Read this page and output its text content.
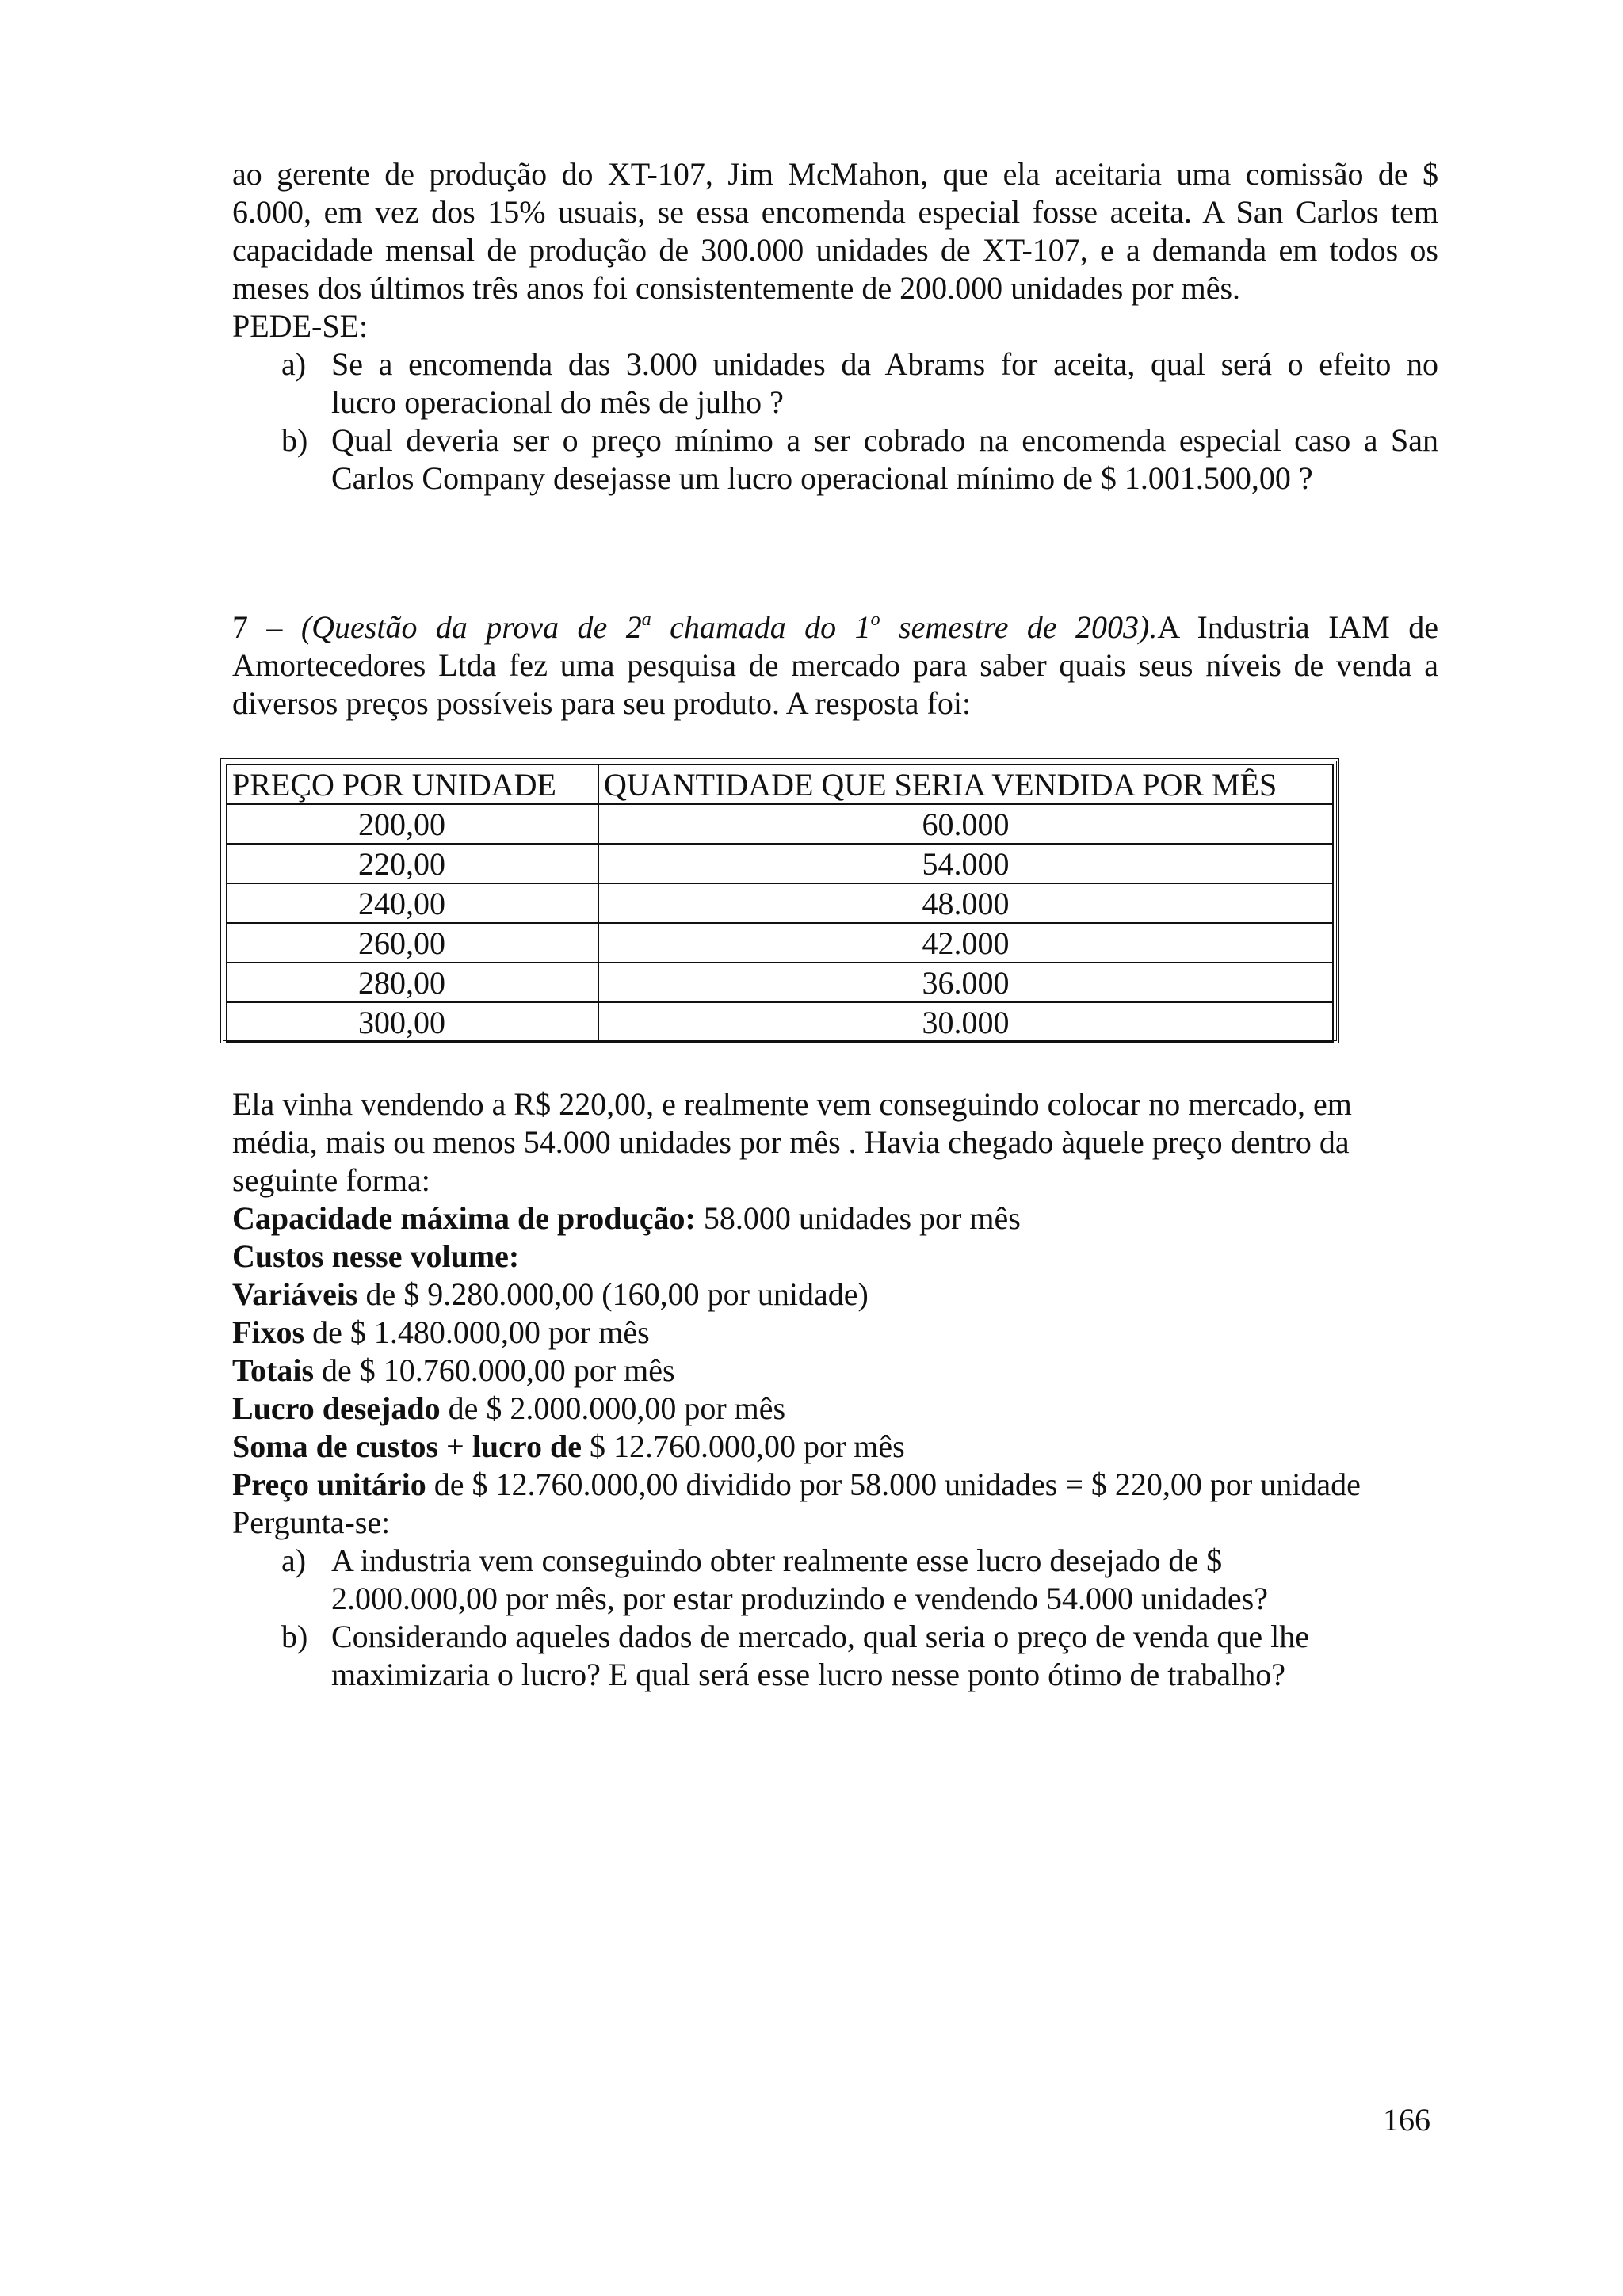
ao gerente de produção do XT-107, Jim McMahon, que ela aceitaria uma comissão de $
6.000, em vez dos 15% usuais, se essa encomenda especial fosse aceita. A San Carlos tem
capacidade mensal de produção de 300.000 unidades de XT-107, e a demanda em todos os
meses dos últimos três anos foi consistentemente de 200.000 unidades por mês.
PEDE-SE:
a) Se a encomenda das 3.000 unidades da Abrams for aceita, qual será o efeito no
lucro operacional do mês de julho ?
b) Qual deveria ser o preço mínimo a ser cobrado na encomenda especial caso a San
Carlos Company desejasse um lucro operacional mínimo de $ 1.001.500,00 ?
7 – (Questão da prova de 2$^a$ chamada do 1$^o$ semestre de 2003).A Industria IAM de
Amortecedores Ltda fez uma pesquisa de mercado para saber quais seus níveis de venda a
diversos preços possíveis para seu produto. A resposta foi:
PREÇO POR UNIDADE	QUANTIDADE QUE SERIA VENDIDA POR MÊS
200,00	60.000
220,00	54.000
240,00	48.000
260,00	42.000
280,00	36.000
300,00	30.000
Ela vinha vendendo a R$ 220,00, e realmente vem conseguindo colocar no mercado, em
média, mais ou menos 54.000 unidades por mês . Havia chegado àquele preço dentro da
seguinte forma:
Capacidade máxima de produção: 58.000 unidades por mês
Custos nesse volume:
Variáveis de $ 9.280.000,00 (160,00 por unidade)
Fixos de $ 1.480.000,00 por mês
Totais de $ 10.760.000,00 por mês
Lucro desejado de $ 2.000.000,00 por mês
Soma de custos + lucro de $ 12.760.000,00 por mês
Preço unitário de $ 12.760.000,00 dividido por 58.000 unidades = $ 220,00 por unidade
Pergunta-se:
a) A industria vem conseguindo obter realmente esse lucro desejado de $
2.000.000,00 por mês, por estar produzindo e vendendo 54.000 unidades?
b) Considerando aqueles dados de mercado, qual seria o preço de venda que lhe
maximizaria o lucro? E qual será esse lucro nesse ponto ótimo de trabalho?
166
